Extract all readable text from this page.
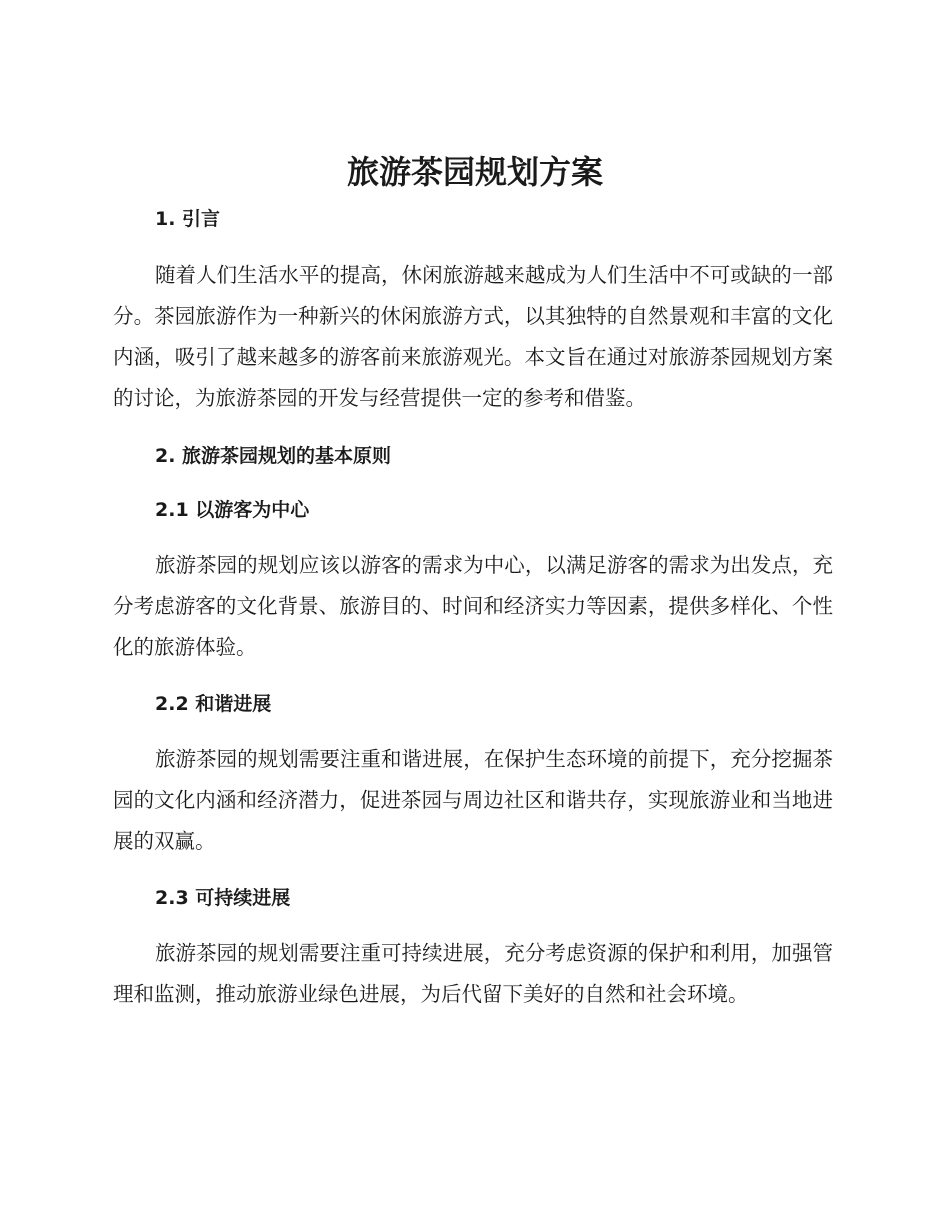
旅游茶园规划方案
1. 引言

随着人们生活水平的提高，休闲旅游越来越成为人们生活中不可或缺的一部分。茶园旅游作为一种新兴的休闲旅游方式，以其独特的自然景观和丰富的文化内涵，吸引了越来越多的游客前来旅游观光。本文旨在通过对旅游茶园规划方案的讨论，为旅游茶园的开发与经营提供一定的参考和借鉴。

2. 旅游茶园规划的基本原则
2.1 以游客为中心

旅游茶园的规划应该以游客的需求为中心，以满足游客的需求为出发点，充分考虑游客的文化背景、旅游目的、时间和经济实力等因素，提供多样化、个性化的旅游体验。

2.2 和谐进展

旅游茶园的规划需要注重和谐进展，在保护生态环境的前提下，充分挖掘茶园的文化内涵和经济潜力，促进茶园与周边社区和谐共存，实现旅游业和当地进展的双赢。

2.3 可持续进展

旅游茶园的规划需要注重可持续进展，充分考虑资源的保护和利用，加强管理和监测，推动旅游业绿色进展，为后代留下美好的自然和社会环境。
